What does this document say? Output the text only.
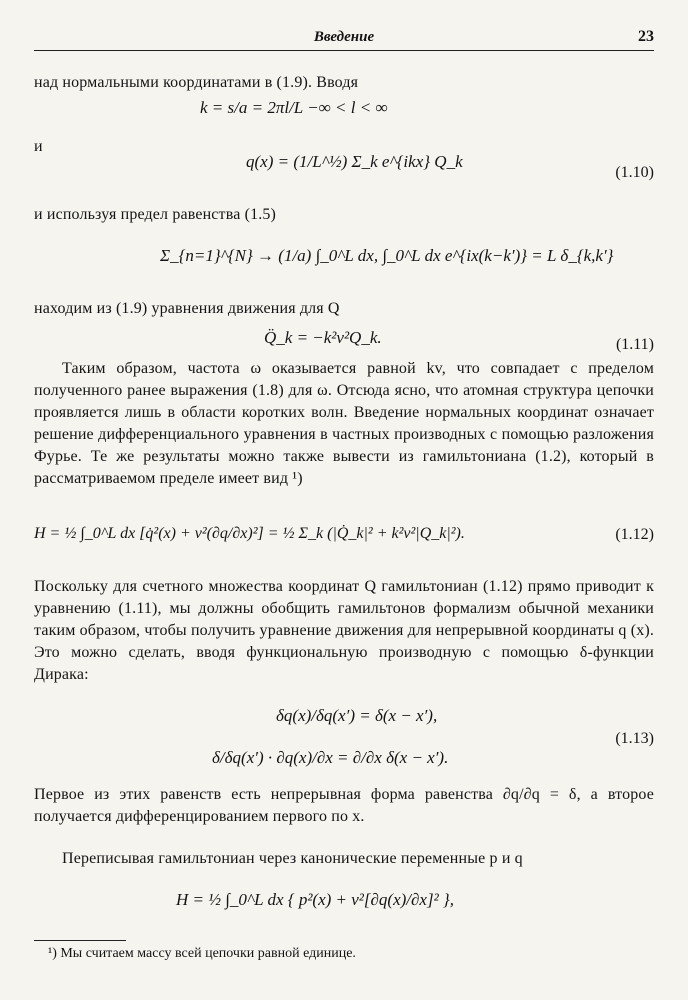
Введение	23
над нормальными координатами в (1.9). Вводя
k = s/a = 2πl/L −∞ < l < ∞
и
q(x) = (1/L^½) Σ_k e^{ikx} Q_k
(1.10)
и используя предел равенства (1.5)
Σ_{n=1}^{N} → (1/a) ∫_0^L dx, ∫_0^L dx e^{ix(k−k′)} = L δ_{k,k′}
находим из (1.9) уравнения движения для Q
Q̈_k = −k²v²Q_k.	(1.11)
Таким образом, частота ω оказывается равной kv, что совпадает с пределом полученного ранее выражения (1.8) для ω. Отсюда ясно, что атомная структура цепочки проявляется лишь в области коротких волн. Введение нормальных координат означает решение дифференциального уравнения в частных производных с помощью разложения Фурье. Те же результаты можно также вывести из гамильтониана (1.2), который в рассматриваемом пределе имеет вид ¹)
H = ½ ∫_0^L dx [q̇²(x) + v²(∂q/∂x)²] = ½ Σ_k (|Q̇_k|² + k²v²|Q_k|²).	(1.12)
Поскольку для счетного множества координат Q гамильтониан (1.12) прямо приводит к уравнению (1.11), мы должны обобщить гамильтонов формализм обычной механики таким образом, чтобы получить уравнение движения для непрерывной координаты q (x). Это можно сделать, вводя функциональную производную с помощью δ-функции Дирака:
δq(x)/δq(x′) = δ(x − x′),
δ/δq(x′) · ∂q(x)/∂x = ∂/∂x δ(x − x′).
(1.13)
Первое из этих равенств есть непрерывная форма равенства ∂q/∂q = δ, а второе получается дифференцированием первого по x.
Переписывая гамильтониан через канонические переменные p и q
H = ½ ∫_0^L dx { p²(x) + v²[∂q(x)/∂x]² },
¹) Мы считаем массу всей цепочки равной единице.
